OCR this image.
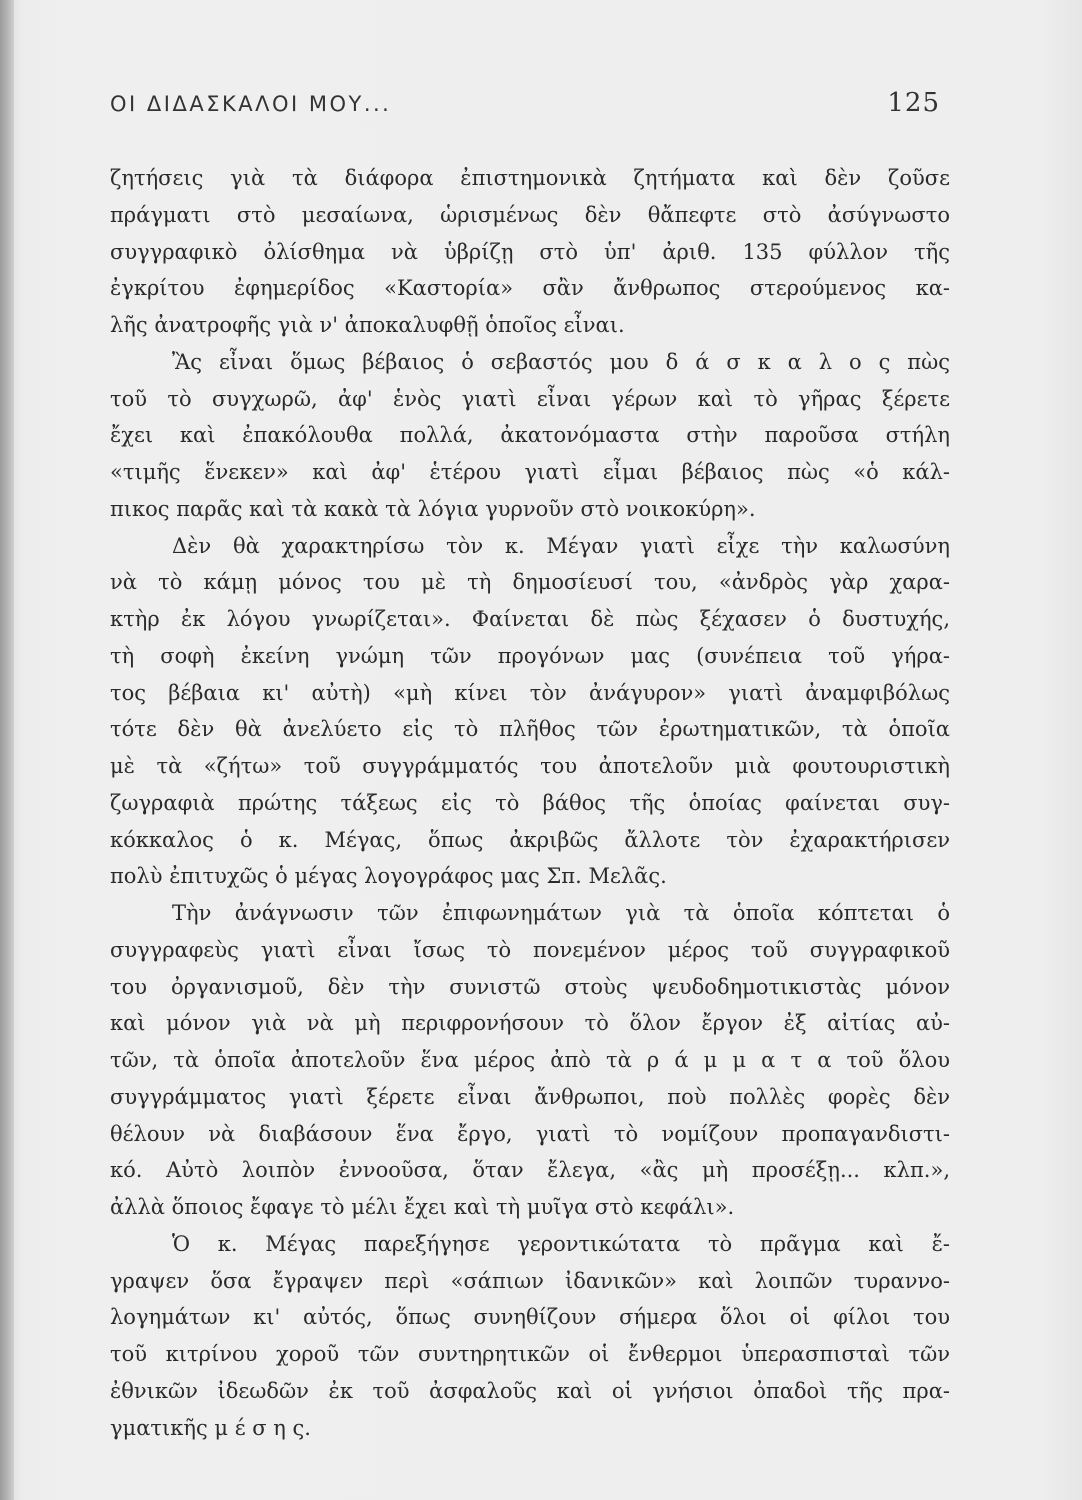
ΟΙ ΔΙΔΑΣΚΑΛΟΙ ΜΟΥ...	125
ζητήσεις γιὰ τὰ διάφορα ἐπιστημονικὰ ζητήματα καὶ δὲν ζοῦσε
πράγματι στὸ μεσαίωνα, ὡρισμένως δὲν θἄπεφτε στὸ ἀσύγνωστο
συγγραφικὸ ὀλίσθημα νὰ ὑβρίζῃ στὸ ὑπ' ἀριθ. 135 φύλλον τῆς
ἐγκρίτου ἐφημερίδος «Καστορία» σἂν ἄνθρωπος στερούμενος κα-
λῆς ἀνατροφῆς γιὰ ν' ἀποκαλυφθῇ ὁποῖος εἶναι.
Ἂς εἶναι ὅμως βέβαιος ὁ σεβαστός μου δ ά σ κ α λ ο ς πὼς
τοῦ τὸ συγχωρῶ, ἀφ' ἑνὸς γιατὶ εἶναι γέρων καὶ τὸ γῆρας ξέρετε
ἔχει καὶ ἐπακόλουθα πολλά, ἀκατονόμαστα στὴν παροῦσα στήλη
«τιμῆς ἕνεκεν» καὶ ἀφ' ἑτέρου γιατὶ εἶμαι βέβαιος πὼς «ὁ κάλ-
πικος παρᾶς καὶ τὰ κακὰ τὰ λόγια γυρνοῦν στὸ νοικοκύρη».
Δὲν θὰ χαρακτηρίσω τὸν κ. Μέγαν γιατὶ εἶχε τὴν καλωσύνη
νὰ τὸ κάμῃ μόνος του μὲ τὴ δημοσίευσί του, «ἀνδρὸς γὰρ χαρα-
κτὴρ ἐκ λόγου γνωρίζεται». Φαίνεται δὲ πὼς ξέχασεν ὁ δυστυχής,
τὴ σοφὴ ἐκείνη γνώμη τῶν προγόνων μας (συνέπεια τοῦ γήρα-
τος βέβαια κι' αὐτὴ) «μὴ κίνει τὸν ἀνάγυρον» γιατὶ ἀναμφιβόλως
τότε δὲν θὰ ἀνελύετο εἰς τὸ πλῆθος τῶν ἐρωτηματικῶν, τὰ ὁποῖα
μὲ τὰ «ζήτω» τοῦ συγγράμματός του ἀποτελοῦν μιὰ φουτουριστικὴ
ζωγραφιὰ πρώτης τάξεως εἰς τὸ βάθος τῆς ὁποίας φαίνεται συγ-
κόκκαλος ὁ κ. Μέγας, ὅπως ἀκριβῶς ἄλλοτε τὸν ἐχαρακτήρισεν
πολὺ ἐπιτυχῶς ὁ μέγας λογογράφος μας Σπ. Μελᾶς.
Τὴν ἀνάγνωσιν τῶν ἐπιφωνημάτων γιὰ τὰ ὁποῖα κόπτεται ὁ
συγγραφεὺς γιατὶ εἶναι ἴσως τὸ πονεμένον μέρος τοῦ συγγραφικοῦ
του ὀργανισμοῦ, δὲν τὴν συνιστῶ στοὺς ψευδοδημοτικιστὰς μόνον
καὶ μόνον γιὰ νὰ μὴ περιφρονήσουν τὸ ὅλον ἔργον ἐξ αἰτίας αὐ-
τῶν, τὰ ὁποῖα ἀποτελοῦν ἕνα μέρος ἀπὸ τὰ ρ ά μ μ α τ α τοῦ ὅλου
συγγράμματος γιατὶ ξέρετε εἶναι ἄνθρωποι, ποὺ πολλὲς φορὲς δὲν
θέλουν νὰ διαβάσουν ἕνα ἔργο, γιατὶ τὸ νομίζουν προπαγανδιστι-
κό. Αὐτὸ λοιπὸν ἐννοοῦσα, ὅταν ἔλεγα, «ἂς μὴ προσέξῃ... κλπ.»,
ἀλλὰ ὅποιος ἔφαγε τὸ μέλι ἔχει καὶ τὴ μυῖγα στὸ κεφάλι».
Ὁ κ. Μέγας παρεξήγησε γεροντικώτατα τὸ πρᾶγμα καὶ ἔ-
γραψεν ὅσα ἔγραψεν περὶ «σάπιων ἰδανικῶν» καὶ λοιπῶν τυραννο-
λογημάτων κι' αὐτός, ὅπως συνηθίζουν σήμερα ὅλοι οἱ φίλοι του
τοῦ κιτρίνου χοροῦ τῶν συντηρητικῶν οἱ ἔνθερμοι ὑπερασπισταὶ τῶν
ἐθνικῶν ἰδεωδῶν ἐκ τοῦ ἀσφαλοῦς καὶ οἱ γνήσιοι ὀπαδοὶ τῆς πρα-
γματικῆς μ έ σ η ς.
